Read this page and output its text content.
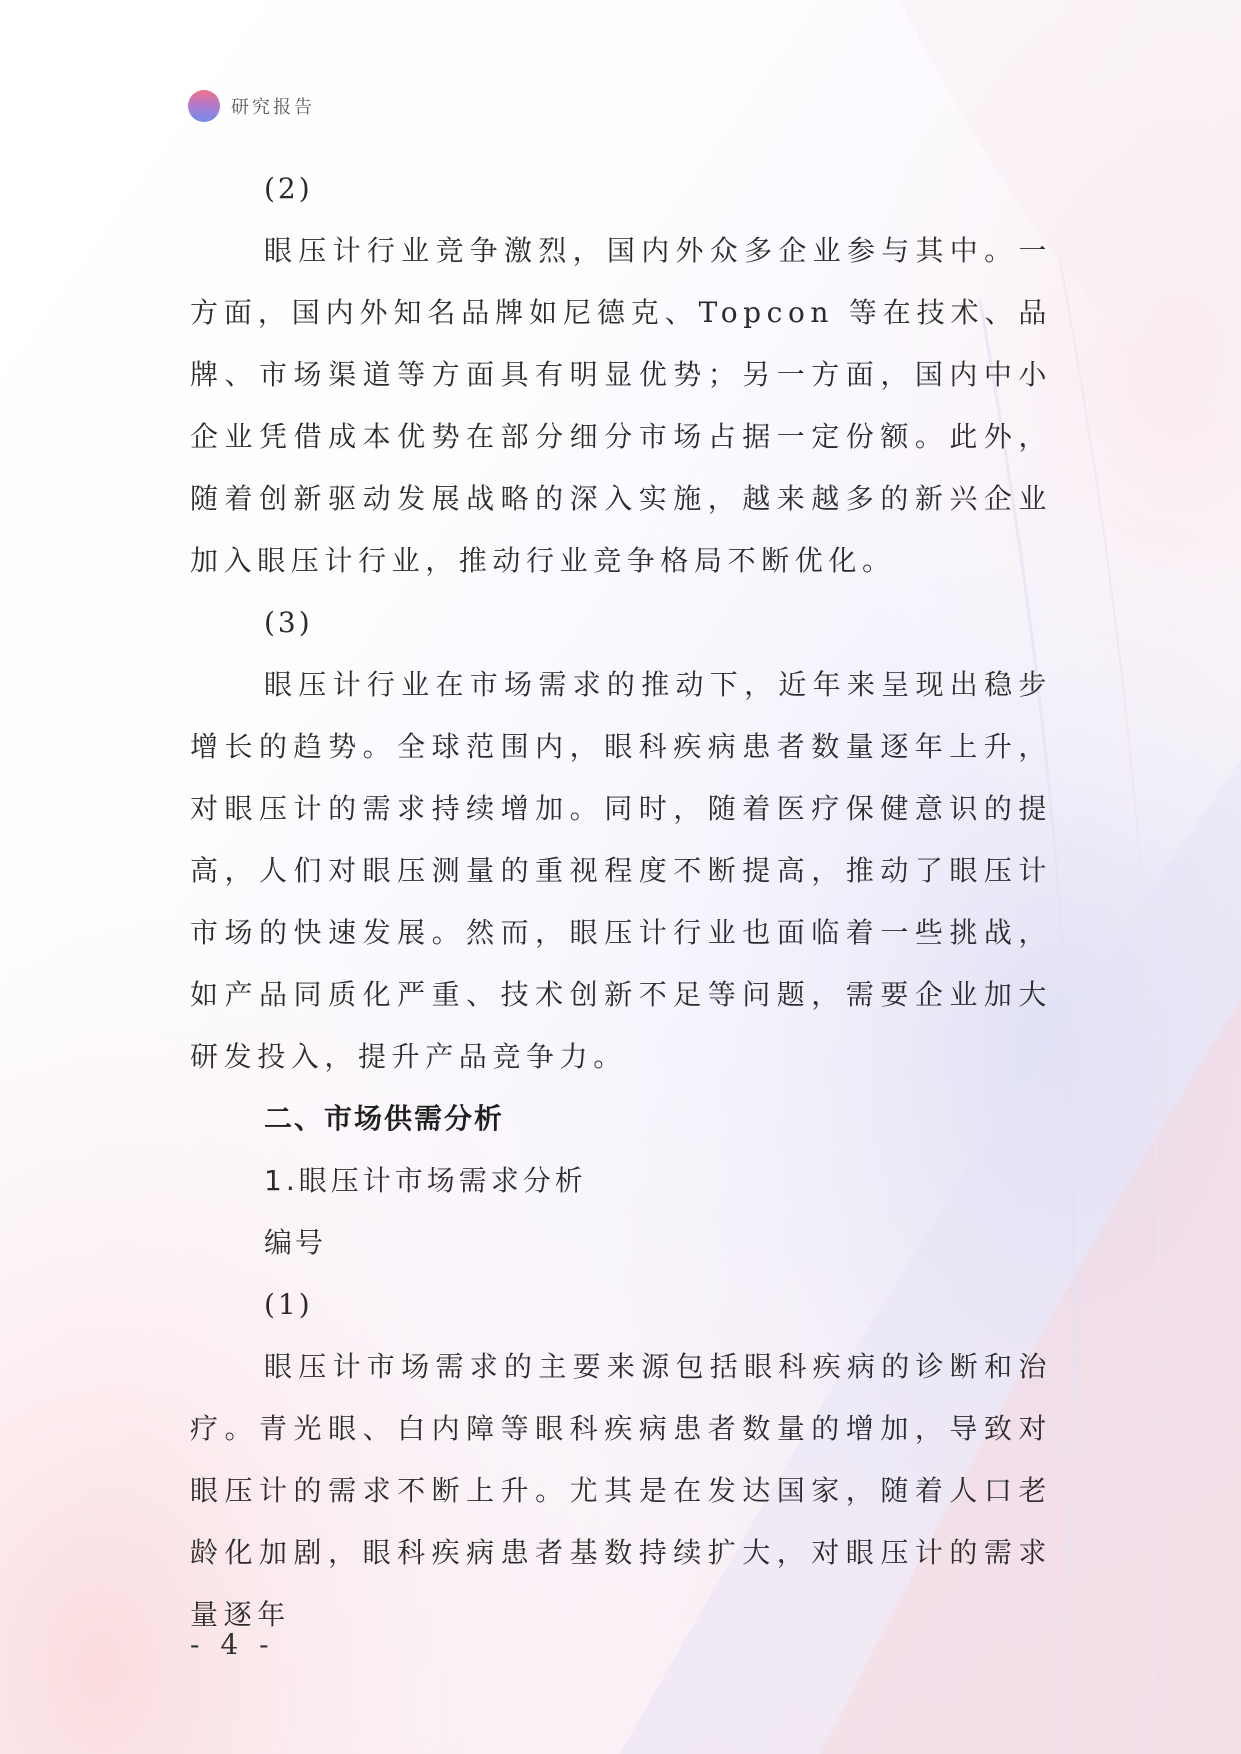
研究报告

(2)

眼压计行业竞争激烈，国内外众多企业参与其中。一方面，国内外知名品牌如尼德克、Topcon 等在技术、品牌、市场渠道等方面具有明显优势；另一方面，国内中小企业凭借成本优势在部分细分市场占据一定份额。此外，随着创新驱动发展战略的深入实施，越来越多的新兴企业加入眼压计行业，推动行业竞争格局不断优化。

(3)

眼压计行业在市场需求的推动下，近年来呈现出稳步增长的趋势。全球范围内，眼科疾病患者数量逐年上升，对眼压计的需求持续增加。同时，随着医疗保健意识的提高，人们对眼压测量的重视程度不断提高，推动了眼压计市场的快速发展。然而，眼压计行业也面临着一些挑战，如产品同质化严重、技术创新不足等问题，需要企业加大研发投入，提升产品竞争力。

二、市场供需分析

1.眼压计市场需求分析

编号

(1)

眼压计市场需求的主要来源包括眼科疾病的诊断和治疗。青光眼、白内障等眼科疾病患者数量的增加，导致对眼压计的需求不断上升。尤其是在发达国家，随着人口老龄化加剧，眼科疾病患者基数持续扩大，对眼压计的需求量逐年

- 4 -
